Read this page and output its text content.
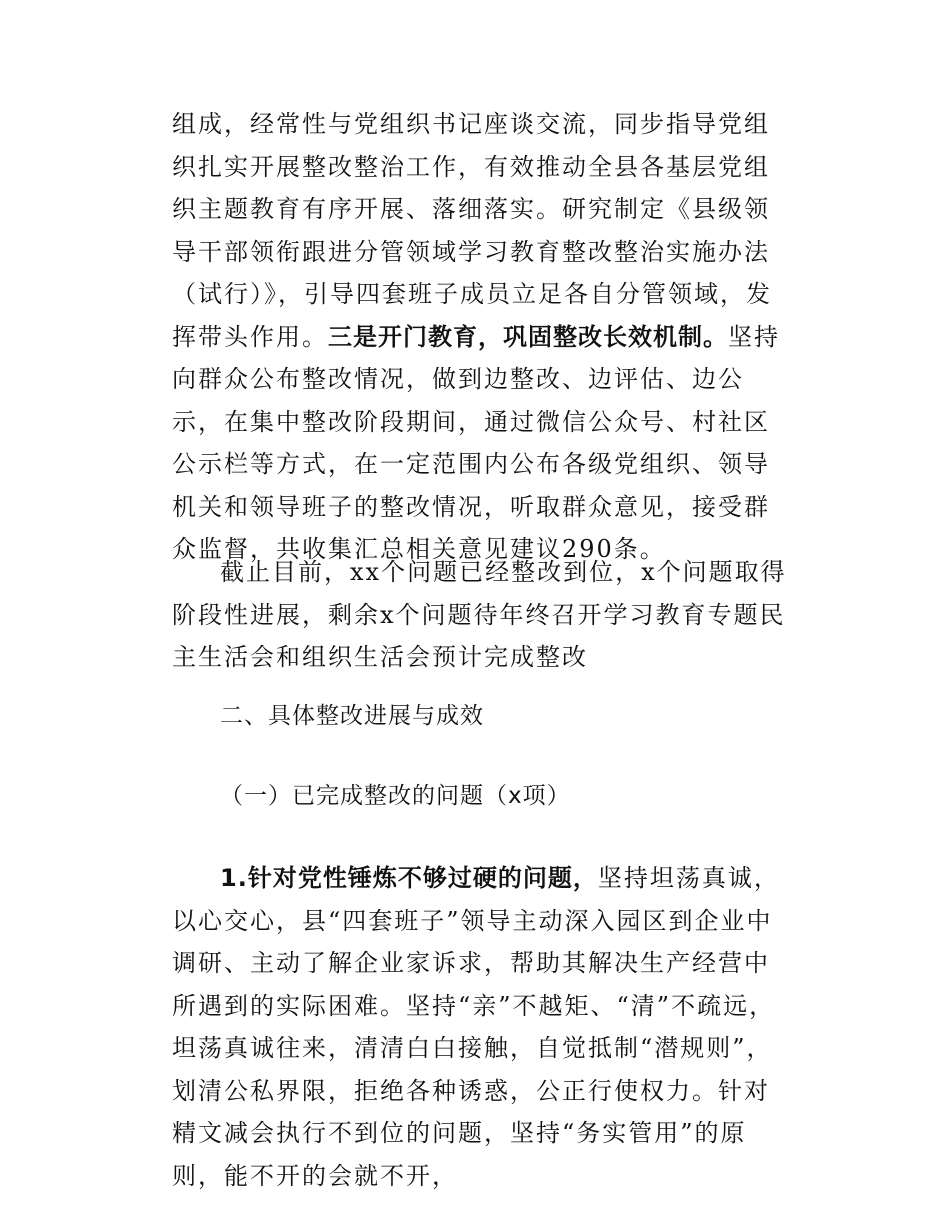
组成，经常性与党组织书记座谈交流，同步指导党组织扎实开展整改整治工作，有效推动全县各基层党组织主题教育有序开展、落细落实。研究制定《县级领导干部领衔跟进分管领域学习教育整改整治实施办法（试行）》，引导四套班子成员立足各自分管领域，发挥带头作用。三是开门教育，巩固整改长效机制。坚持向群众公布整改情况，做到边整改、边评估、边公示，在集中整改阶段期间，通过微信公众号、村社区公示栏等方式，在一定范围内公布各级党组织、领导机关和领导班子的整改情况，听取群众意见，接受群众监督，共收集汇总相关意见建议290条。

截止目前，xx个问题已经整改到位，x个问题取得阶段性进展，剩余x个问题待年终召开学习教育专题民主生活会和组织生活会预计完成整改

二、具体整改进展与成效
（一）已完成整改的问题（x项）

1.针对党性锤炼不够过硬的问题，坚持坦荡真诚，以心交心，县“四套班子”领导主动深入园区到企业中调研、主动了解企业家诉求，帮助其解决生产经营中所遇到的实际困难。坚持“亲”不越矩、“清”不疏远，坦荡真诚往来，清清白白接触，自觉抵制“潜规则”，划清公私界限，拒绝各种诱惑，公正行使权力。针对精文减会执行不到位的问题，坚持“务实管用”的原则，能不开的会就不开，
